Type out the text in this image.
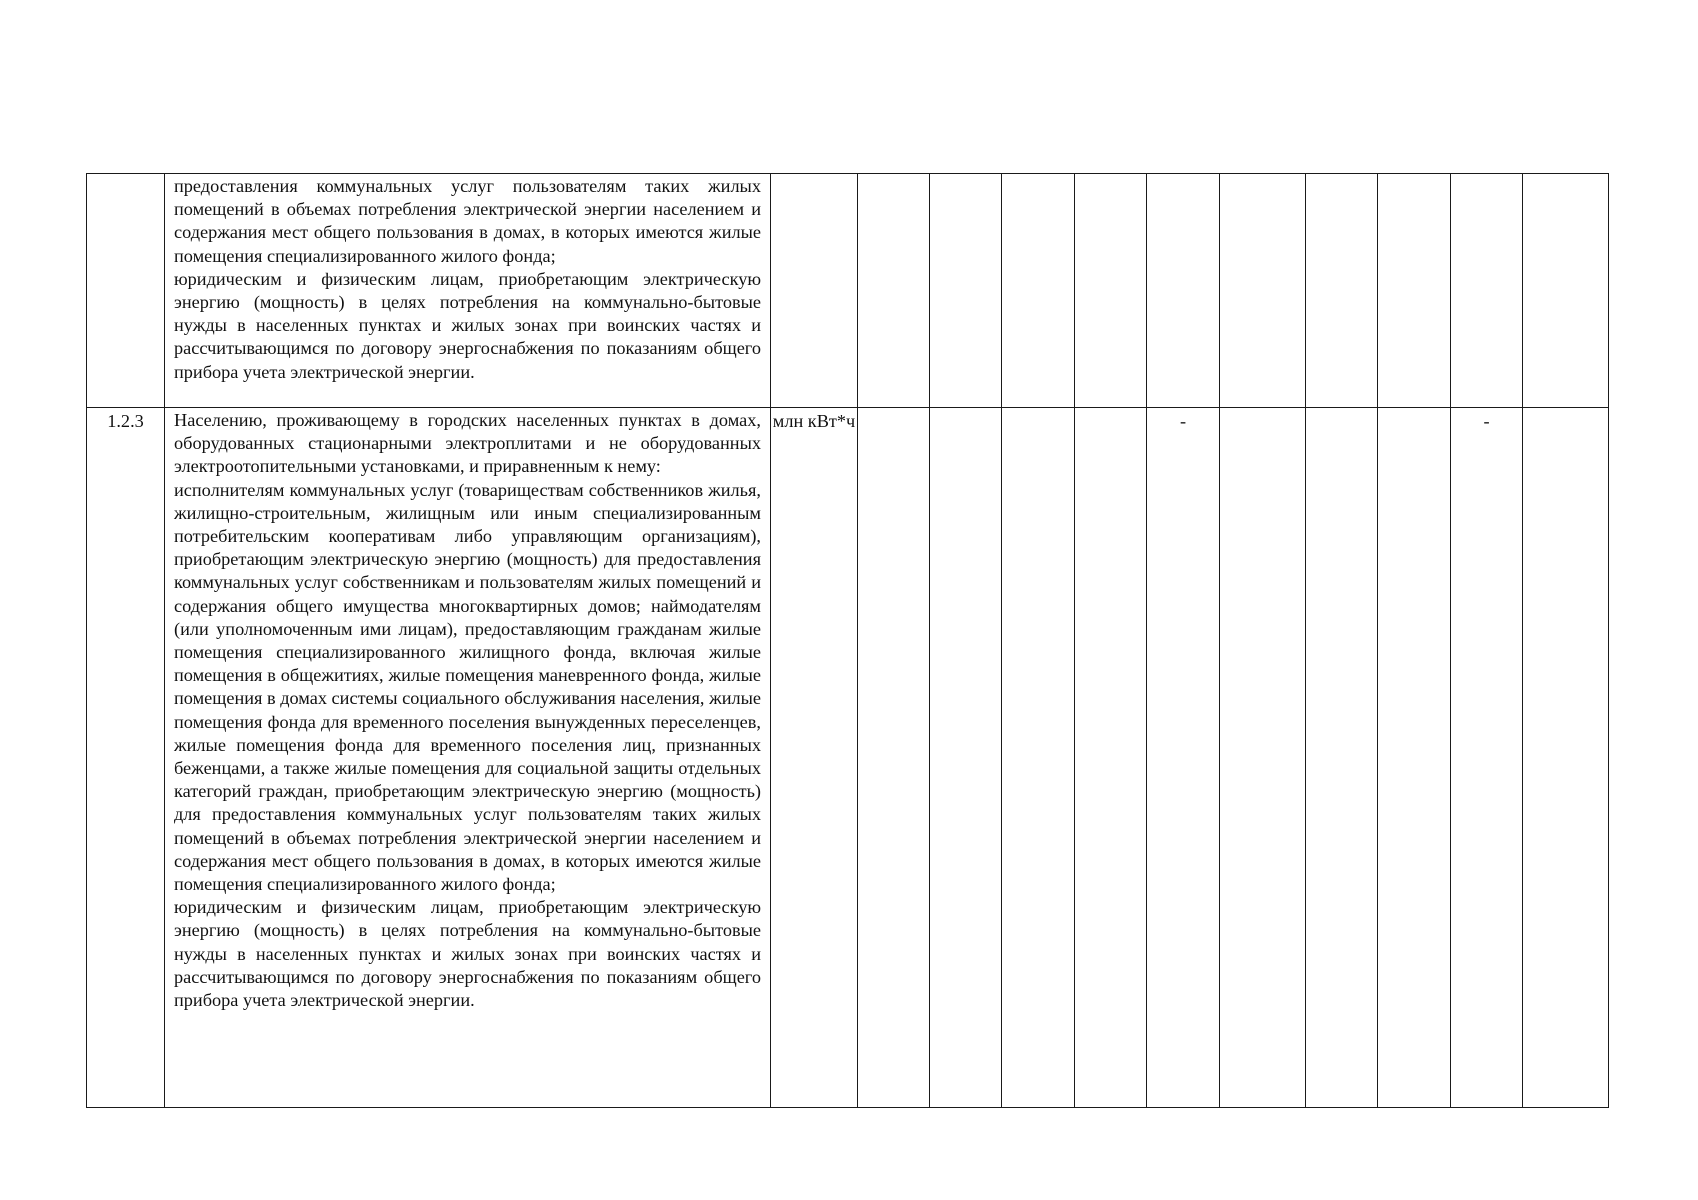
	предоставления коммунальных услуг пользователям таких жилых помещений в объемах потребления электрической энергии населением и содержания мест общего пользования в домах, в которых имеются жилые помещения специализированного жилого фонда;
юридическим и физическим лицам, приобретающим электрическую энергию (мощность) в целях потребления на коммунально-бытовые нужды в населенных пунктах и жилых зонах при воинских частях и рассчитывающимся по договору энергоснабжения по показаниям общего прибора учета электрической энергии.											

1.2.3	Населению, проживающему в городских населенных пунктах в домах, оборудованных стационарными электроплитами и не оборудованных электроотопительными установками, и приравненным к нему:
исполнителям коммунальных услуг (товариществам собственников жилья, жилищно-строительным, жилищным или иным специализированным потребительским кооперативам либо управляющим организациям), приобретающим электрическую энергию (мощность) для предоставления коммунальных услуг собственникам и пользователям жилых помещений и содержания общего имущества многоквартирных домов; наймодателям (или уполномоченным ими лицам), предоставляющим гражданам жилые помещения специализированного жилищного фонда, включая жилые помещения в общежитиях, жилые помещения маневренного фонда, жилые помещения в домах системы социального обслуживания населения, жилые помещения фонда для временного поселения вынужденных переселенцев, жилые помещения фонда для временного поселения лиц, признанных беженцами, а также жилые помещения для социальной защиты отдельных категорий граждан, приобретающим электрическую энергию (мощность) для предоставления коммунальных услуг пользователям таких жилых помещений в объемах потребления электрической энергии населением и содержания мест общего пользования в домах, в которых имеются жилые помещения специализированного жилого фонда;
юридическим и физическим лицам, приобретающим электрическую энергию (мощность) в целях потребления на коммунально-бытовые нужды в населенных пунктах и жилых зонах при воинских частях и рассчитывающимся по договору энергоснабжения по показаниям общего прибора учета электрической энергии.	млн кВт*ч					-				-	
